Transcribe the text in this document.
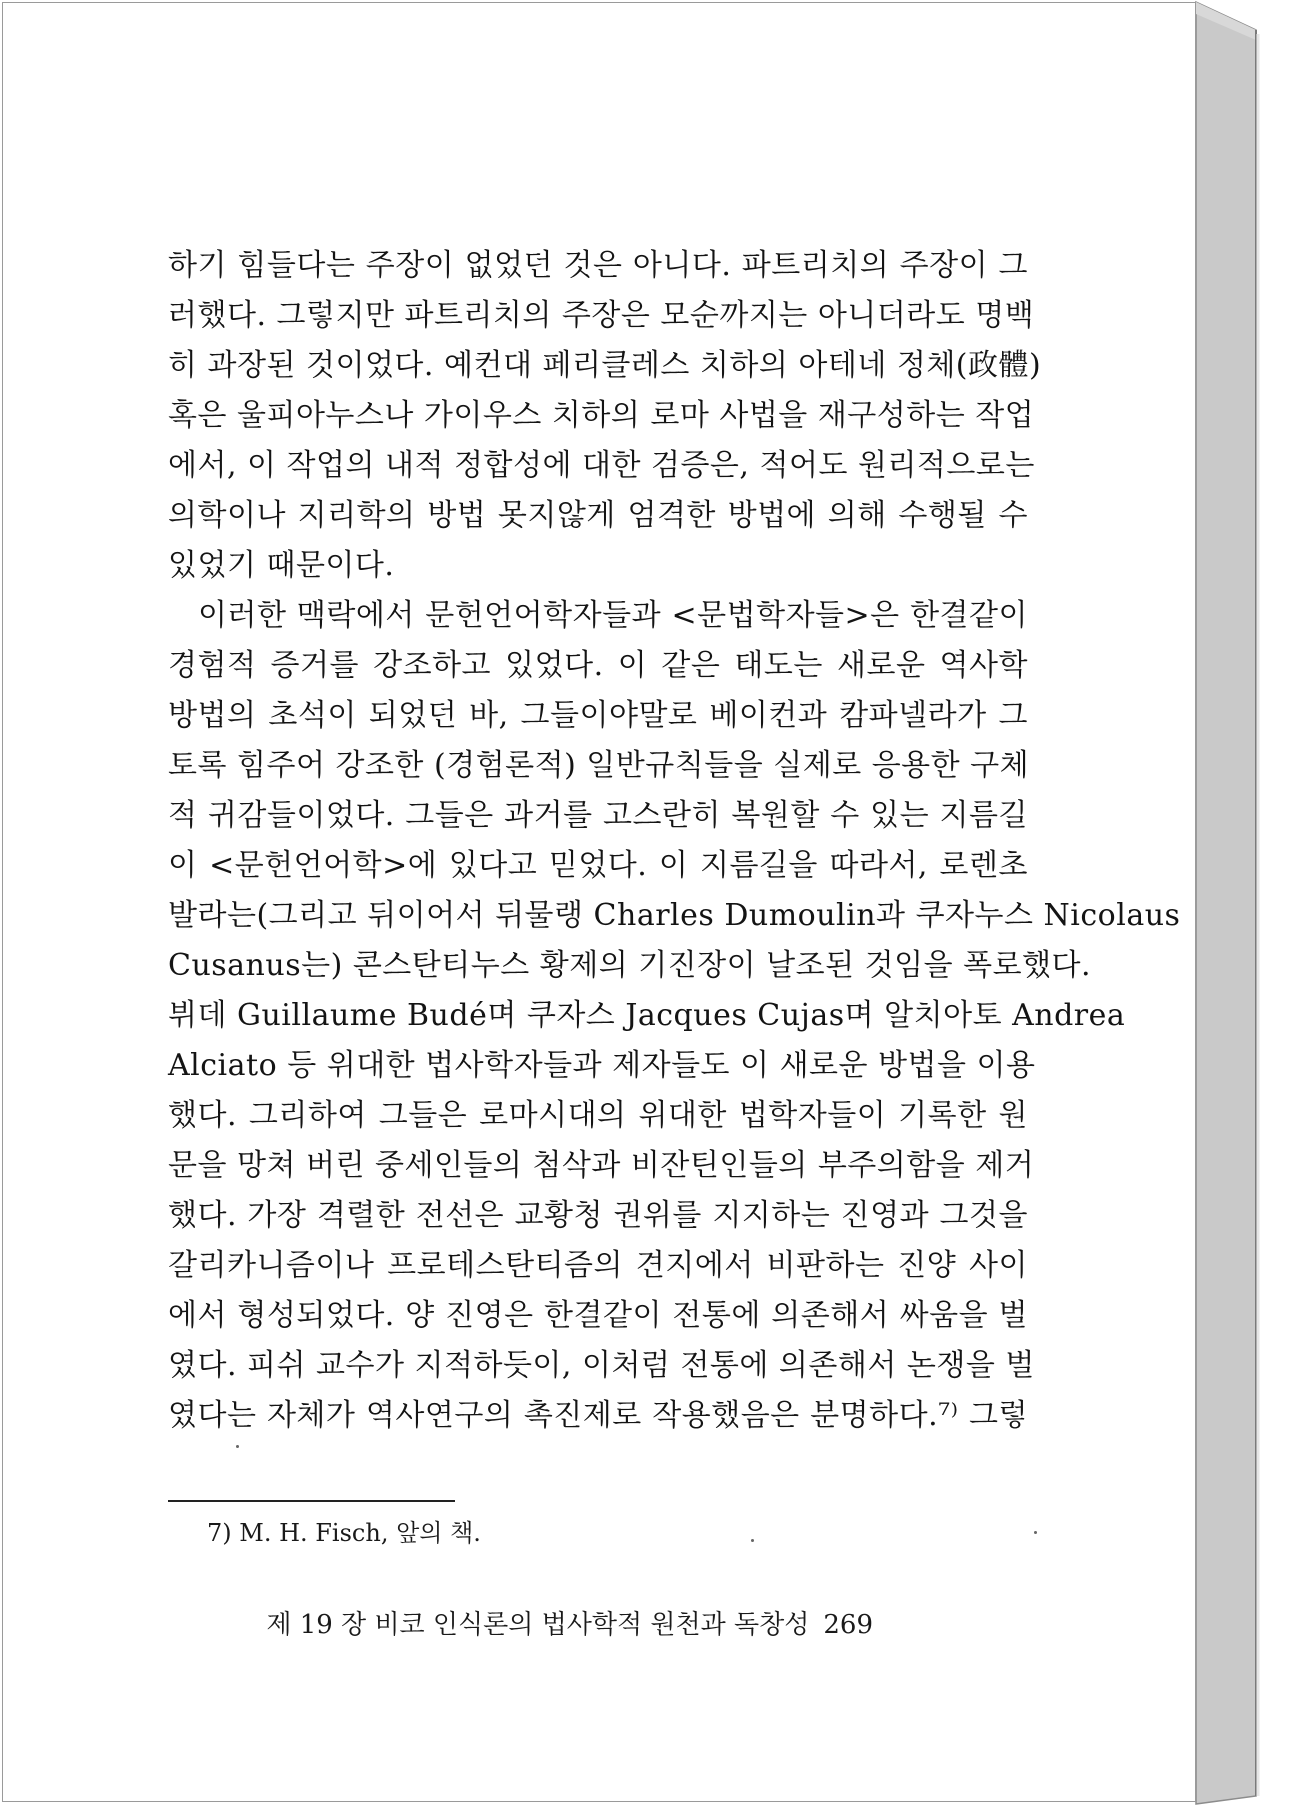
하기 힘들다는 주장이 없었던 것은 아니다. 파트리치의 주장이 그
러했다. 그렇지만 파트리치의 주장은 모순까지는 아니더라도 명백
히 과장된 것이었다. 예컨대 페리클레스 치하의 아테네 정체(政體)
혹은 울피아누스나 가이우스 치하의 로마 사법을 재구성하는 작업
에서, 이 작업의 내적 정합성에 대한 검증은, 적어도 원리적으로는
의학이나 지리학의 방법 못지않게 엄격한 방법에 의해 수행될 수
있었기 때문이다.
이러한 맥락에서 문헌언어학자들과 <문법학자들>은 한결같이
경험적 증거를 강조하고 있었다. 이 같은 태도는 새로운 역사학
방법의 초석이 되었던 바, 그들이야말로 베이컨과 캄파넬라가 그
토록 힘주어 강조한 (경험론적) 일반규칙들을 실제로 응용한 구체
적 귀감들이었다. 그들은 과거를 고스란히 복원할 수 있는 지름길
이 <문헌언어학>에 있다고 믿었다. 이 지름길을 따라서, 로렌초
발라는(그리고 뒤이어서 뒤물랭 Charles Dumoulin과 쿠자누스 Nicolaus
Cusanus는) 콘스탄티누스 황제의 기진장이 날조된 것임을 폭로했다.
뷔데 Guillaume Budé며 쿠자스 Jacques Cujas며 알치아토 Andrea
Alciato 등 위대한 법사학자들과 제자들도 이 새로운 방법을 이용
했다. 그리하여 그들은 로마시대의 위대한 법학자들이 기록한 원
문을 망쳐 버린 중세인들의 첨삭과 비잔틴인들의 부주의함을 제거
했다. 가장 격렬한 전선은 교황청 권위를 지지하는 진영과 그것을
갈리카니즘이나 프로테스탄티즘의 견지에서 비판하는 진양 사이
에서 형성되었다. 양 진영은 한결같이 전통에 의존해서 싸움을 벌
였다. 피쉬 교수가 지적하듯이, 이처럼 전통에 의존해서 논쟁을 벌
였다는 자체가 역사연구의 촉진제로 작용했음은 분명하다.⁷⁾ 그렇
7) M. H. Fisch, 앞의 책.
제 19 장 비코 인식론의 법사학적 원천과 독창성 269
